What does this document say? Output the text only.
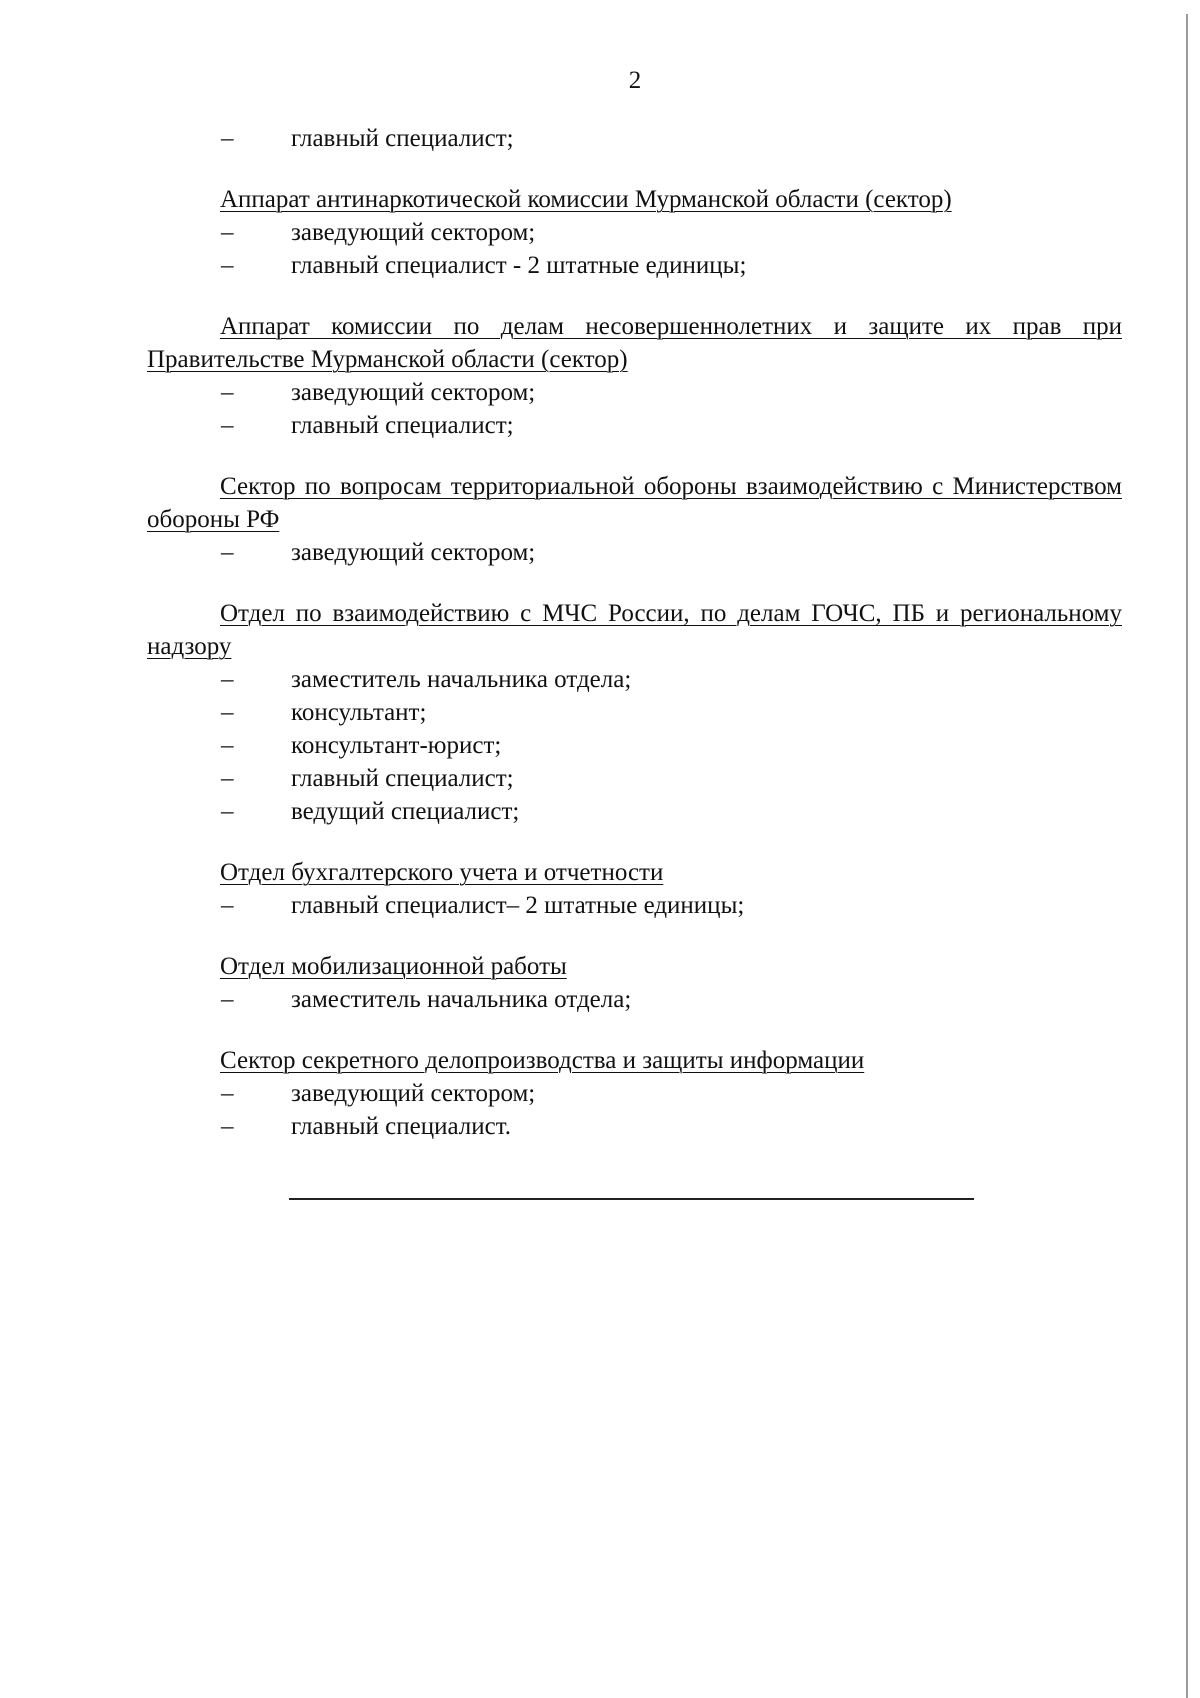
2
– главный специалист;
Аппарат антинаркотической комиссии Мурманской области (сектор)
– заведующий сектором;
– главный специалист - 2 штатные единицы;
Аппарат комиссии по делам несовершеннолетних и защите их прав при Правительстве Мурманской области (сектор)
– заведующий сектором;
– главный специалист;
Сектор по вопросам территориальной обороны взаимодействию с Министерством обороны РФ
– заведующий сектором;
Отдел по взаимодействию с МЧС России, по делам ГОЧС, ПБ и региональному надзору
– заместитель начальника отдела;
– консультант;
– консультант-юрист;
– главный специалист;
– ведущий специалист;
Отдел бухгалтерского учета и отчетности
– главный специалист– 2 штатные единицы;
Отдел мобилизационной работы
– заместитель начальника отдела;
Сектор секретного делопроизводства и защиты информации
– заведующий сектором;
– главный специалист.
